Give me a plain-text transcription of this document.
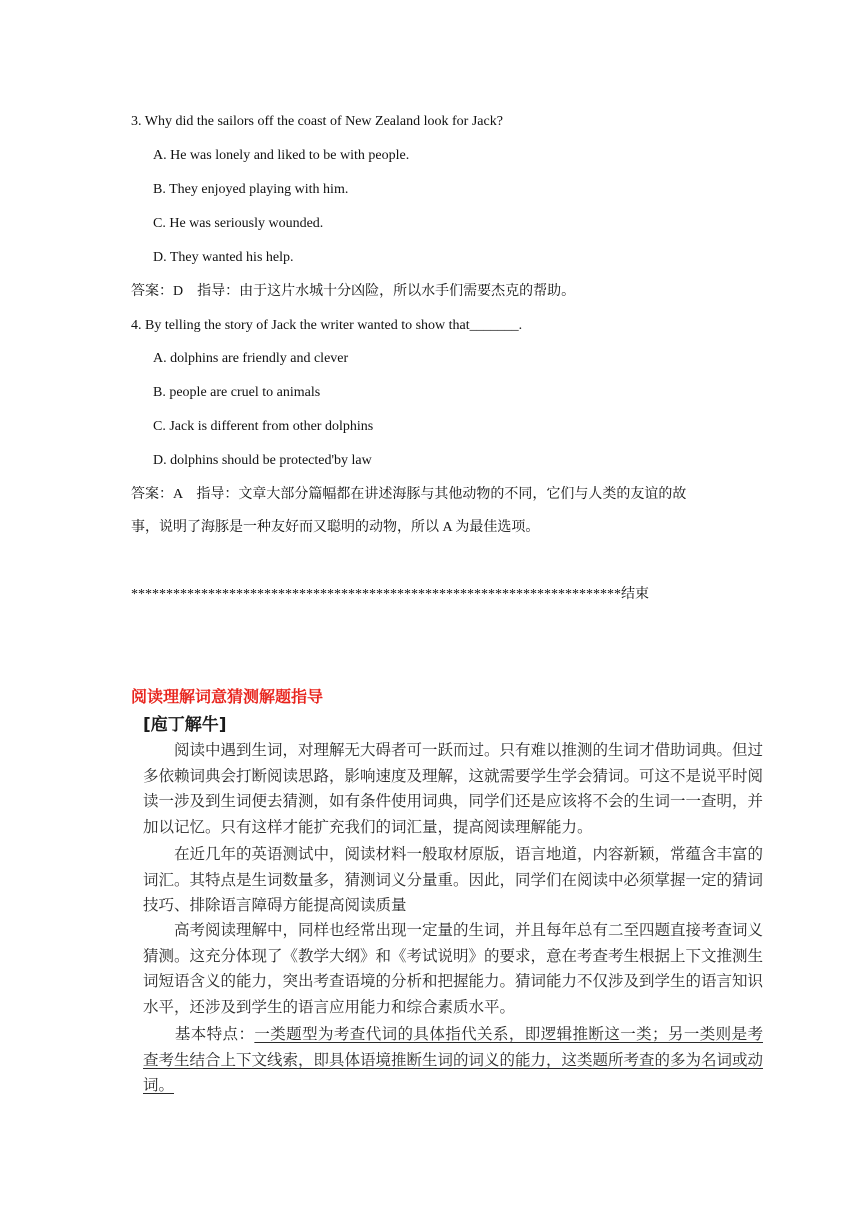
3. Why did the sailors off the coast of New Zealand look for Jack?
A. He was lonely and liked to be with people.
B. They enjoyed playing with him.
C. He was seriously wounded.
D. They wanted his help.
答案：D　指导：由于这片水城十分凶险，所以水手们需要杰克的帮助。
4. By telling the story of Jack the writer wanted to show that_______.
A. dolphins are friendly and clever
B. people are cruel to animals
C. Jack is different from other dolphins
D. dolphins should be protected'by law
答案：A　指导：文章大部分篇幅都在讲述海豚与其他动物的不同，它们与人类的友谊的故
事，说明了海豚是一种友好而又聪明的动物，所以 A 为最佳选项。
**********************************************************************结束
阅读理解词意猜测解题指导
[庖丁解牛]

　　阅读中遇到生词，对理解无大碍者可一跃而过。只有难以推测的生词才借助词典。但过多依赖词典会打断阅读思路，影响速度及理解，这就需要学生学会猜词。可这不是说平时阅读一涉及到生词便去猜测，如有条件使用词典，同学们还是应该将不会的生词一一查明，并加以记忆。只有这样才能扩充我们的词汇量，提高阅读理解能力。

　　在近几年的英语测试中，阅读材料一般取材原版，语言地道，内容新颖，常蕴含丰富的词汇。其特点是生词数量多，猜测词义分量重。因此，同学们在阅读中必须掌握一定的猜词技巧、排除语言障碍方能提高阅读质量

　　高考阅读理解中，同样也经常出现一定量的生词，并且每年总有二至四题直接考查词义猜测。这充分体现了《教学大纲》和《考试说明》的要求，意在考查考生根据上下文推测生词短语含义的能力，突出考查语境的分析和把握能力。猜词能力不仅涉及到学生的语言知识水平，还涉及到学生的语言应用能力和综合素质水平。

　　基本特点：一类题型为考查代词的具体指代关系，即逻辑推断这一类；另一类则是考查考生结合上下文线索，即具体语境推断生词的词义的能力，这类题所考查的多为名词或动词。
